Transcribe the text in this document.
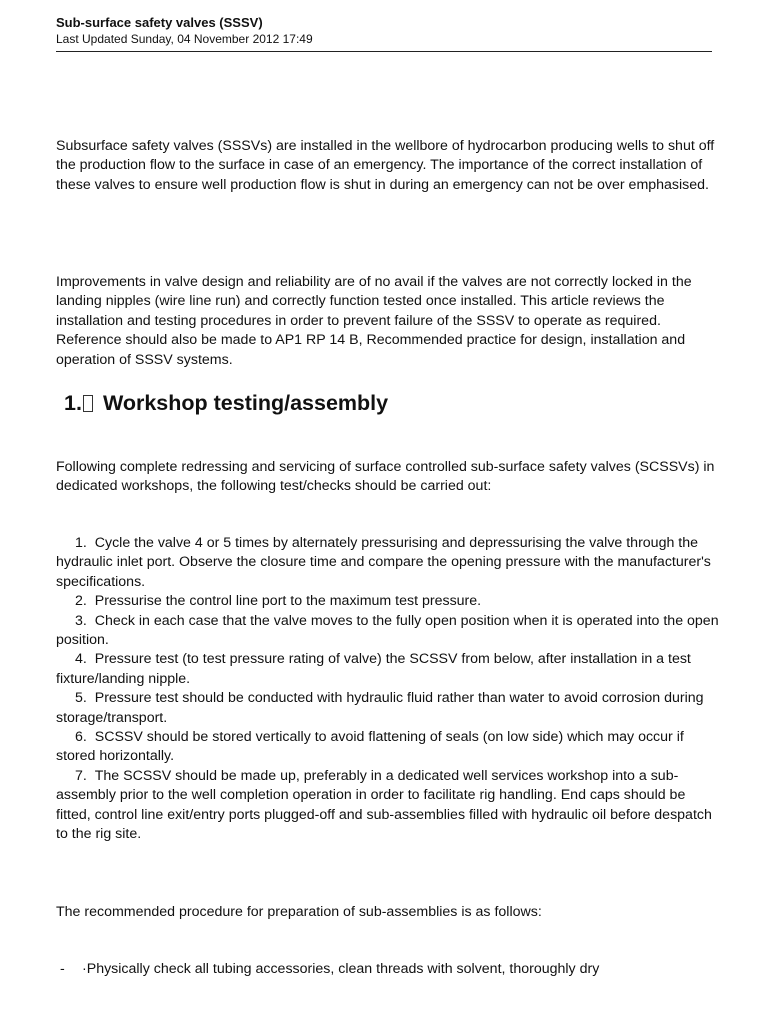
Sub-surface safety valves (SSSV)

Last Updated Sunday, 04 November 2012 17:49

Subsurface safety valves (SSSVs) are installed in the wellbore of hydrocarbon producing wells to shut off the production flow to the surface in case of an emergency. The importance of the correct installation of these valves to ensure well production flow is shut in during an emergency can not be over emphasised.

Improvements in valve design and reliability are of no avail if the valves are not correctly locked in the landing nipples (wire line run) and correctly function tested once installed. This article reviews the installation and testing procedures in order to prevent failure of the SSSV to operate as required. Reference should also be made to AP1 RP 14 B, Recommended practice for design, installation and operation of SSSV systems.

1. Workshop testing/assembly

Following complete redressing and servicing of surface controlled sub-surface safety valves (SCSSVs) in dedicated workshops, the following test/checks should be carried out:

1. Cycle the valve 4 or 5 times by alternately pressurising and depressurising the valve through the hydraulic inlet port. Observe the closure time and compare the opening pressure with the manufacturer's specifications.
2. Pressurise the control line port to the maximum test pressure.
3. Check in each case that the valve moves to the fully open position when it is operated into the open position.
4. Pressure test (to test pressure rating of valve) the SCSSV from below, after installation in a test fixture/landing nipple.
5. Pressure test should be conducted with hydraulic fluid rather than water to avoid corrosion during storage/transport.
6. SCSSV should be stored vertically to avoid flattening of seals (on low side) which may occur if stored horizontally.
7. The SCSSV should be made up, preferably in a dedicated well services workshop into a sub-assembly prior to the well completion operation in order to facilitate rig handling. End caps should be fitted, control line exit/entry ports plugged-off and sub-assemblies filled with hydraulic oil before despatch to the rig site.

The recommended procedure for preparation of sub-assemblies is as follows:

- ·Physically check all tubing accessories, clean threads with solvent, thoroughly dry
